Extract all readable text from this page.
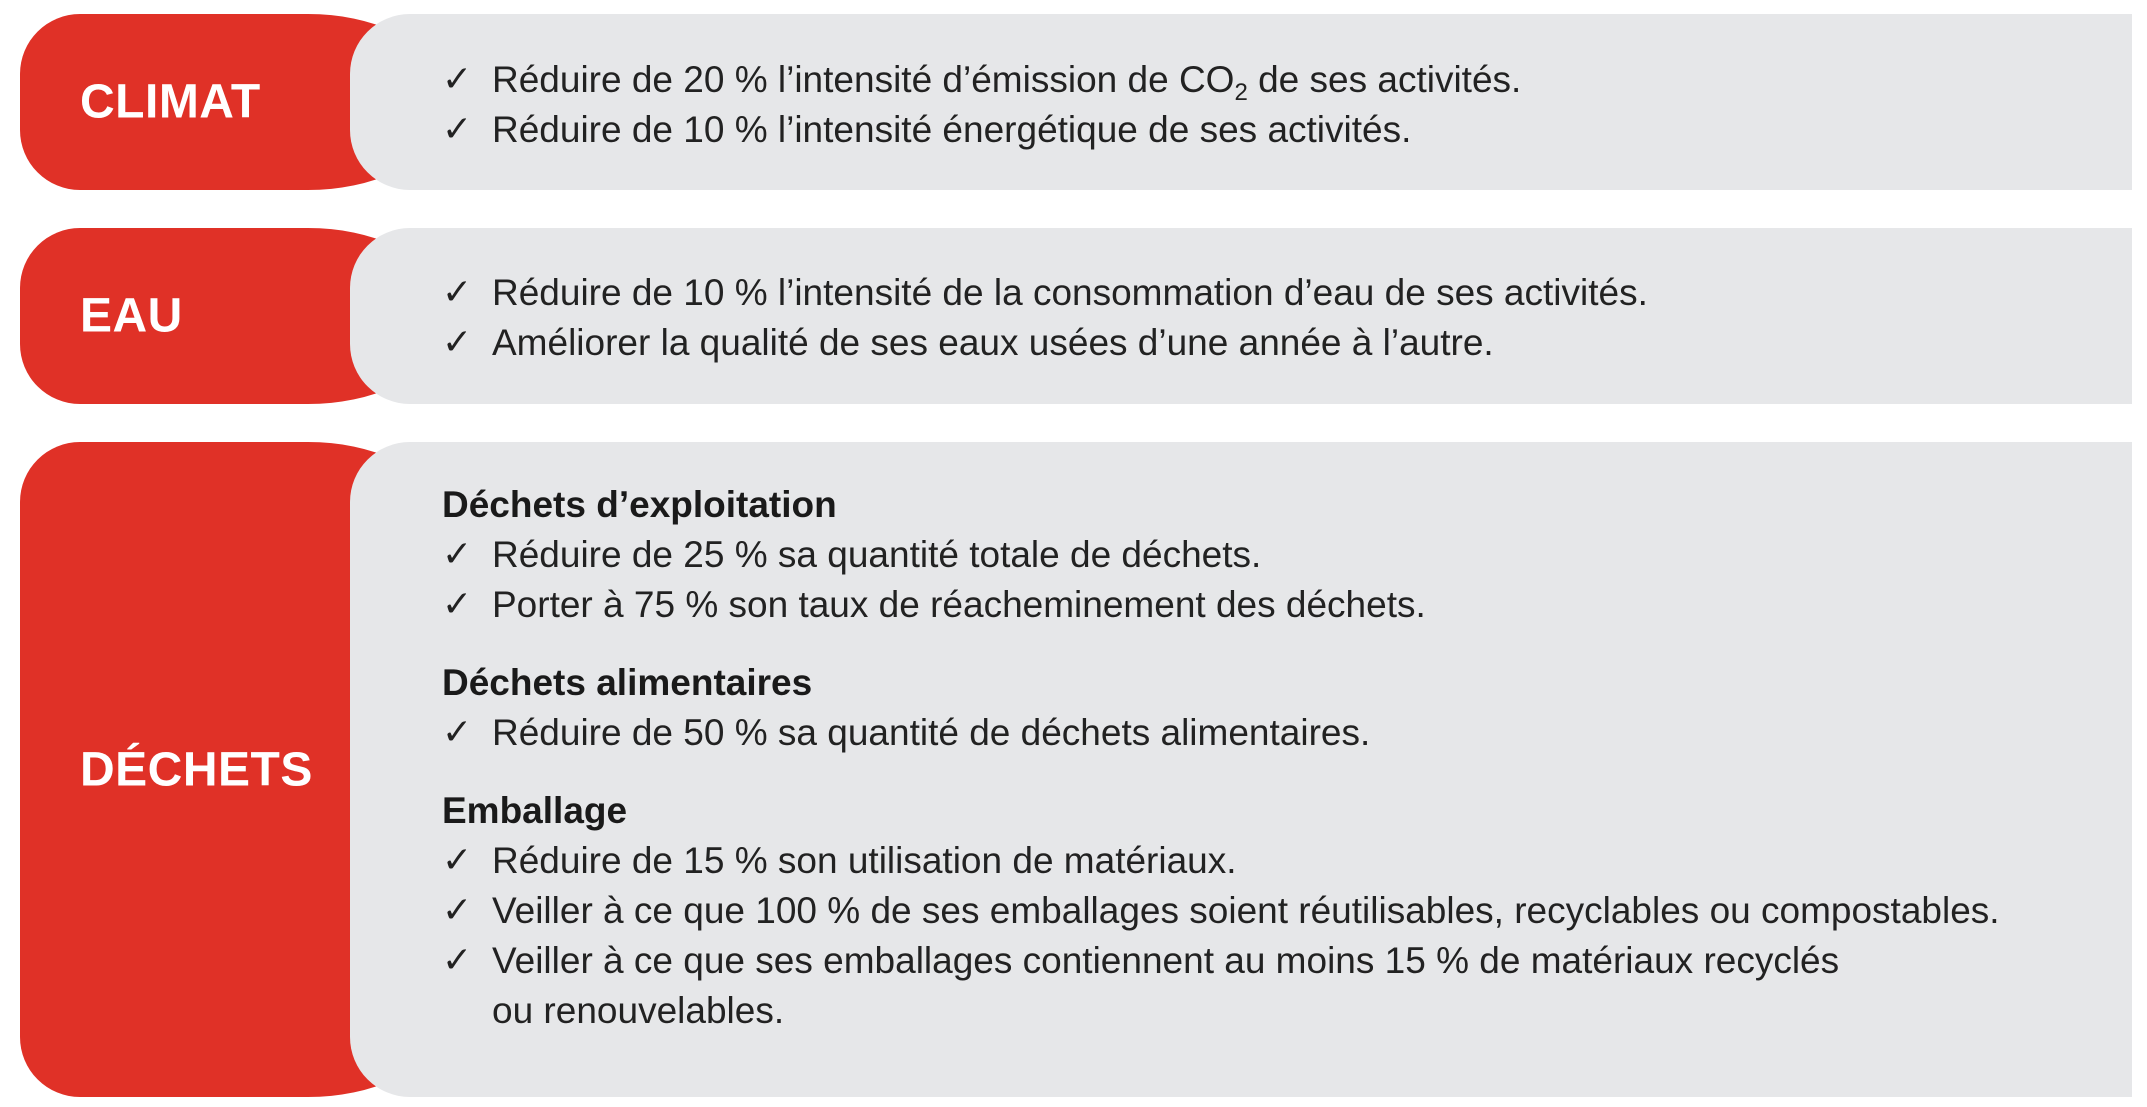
CLIMAT	✓ Réduire de 20 % l’intensité d’émission de $CO_2$ de ses activités.
✓ Réduire de 10 % l’intensité énergétique de ses activités.
EAU	✓ Réduire de 10 % l’intensité de la consommation d’eau de ses activités.
✓ Améliorer la qualité de ses eaux usées d’une année à l’autre.
DÉCHETS
Déchets d’exploitation
✓ Réduire de 25 % sa quantité totale de déchets.
✓ Porter à 75 % son taux de réacheminement des déchets.
Déchets alimentaires
✓ Réduire de 50 % sa quantité de déchets alimentaires.
Emballage
✓ Réduire de 15 % son utilisation de matériaux.
✓ Veiller à ce que 100 % de ses emballages soient réutilisables, recyclables ou compostables.
✓ Veiller à ce que ses emballages contiennent au moins 15 % de matériaux recyclés
ou renouvelables.
